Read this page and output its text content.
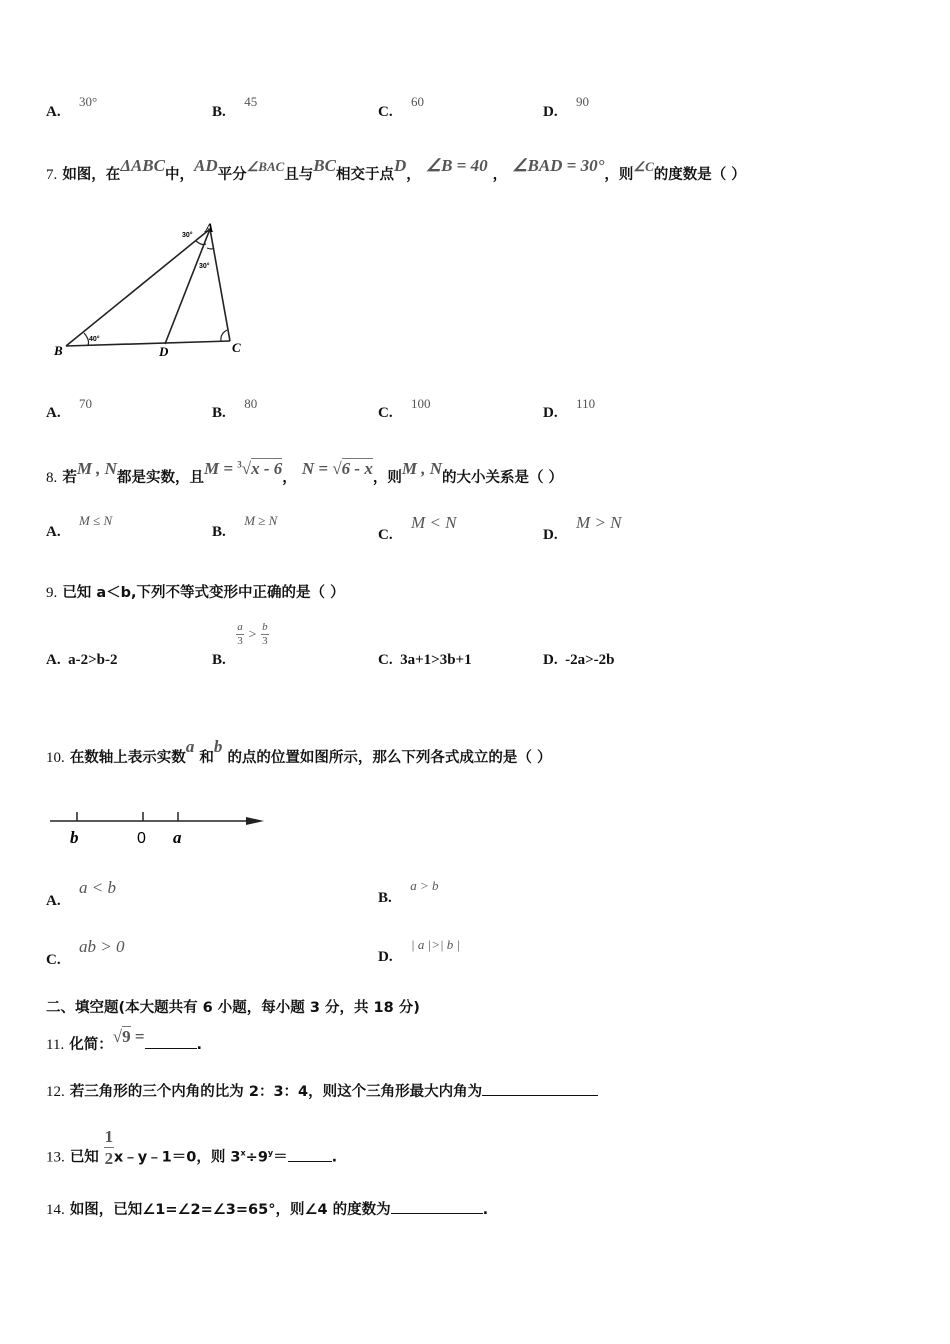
A. 30°
B. 45
C. 60
D. 90
7. 如图，在ΔABC中，AD平分∠BAC且与BC相交于点D， ∠B = 40 ， ∠BAD = 30°，则∠C的度数是（ ）
A
B	C
D
40°
30°
30°
A. 70
B. 80
C. 100
D. 110
8. 若M , N都是实数，且M = $^3$√x - 6， N = √6 - x，则M , N的大小关系是（ ）
A. M ≤ N
B. M ≥ N
C. M < N
D. M > N
9. 已知 a＜b,下列不等式变形中正确的是（ ）
A. a-2>b-2	B.
$\frac{a}{3} > \frac{b}{3}$
C. 3a+1>3b+1	D. -2a>-2b
10. 在数轴上表示实数a 和b 的点的位置如图所示，那么下列各式成立的是（ ）
b	0 a
A. a < b
B. a > b
C. ab > 0
D. | a |>| b |
二、填空题(本大题共有 6 小题，每小题 3 分，共 18 分)
11. 化简：√9 =	.
12. 若三角形的三个内角的比为 2：3：4，则这个三角形最大内角为
13. 已知 $\frac{1}{2}$ x﹣y﹣1＝0，则 $3^x\div 9^y=$	.
14. 如图，已知∠1=∠2=∠3=65°，则∠4 的度数为	.
